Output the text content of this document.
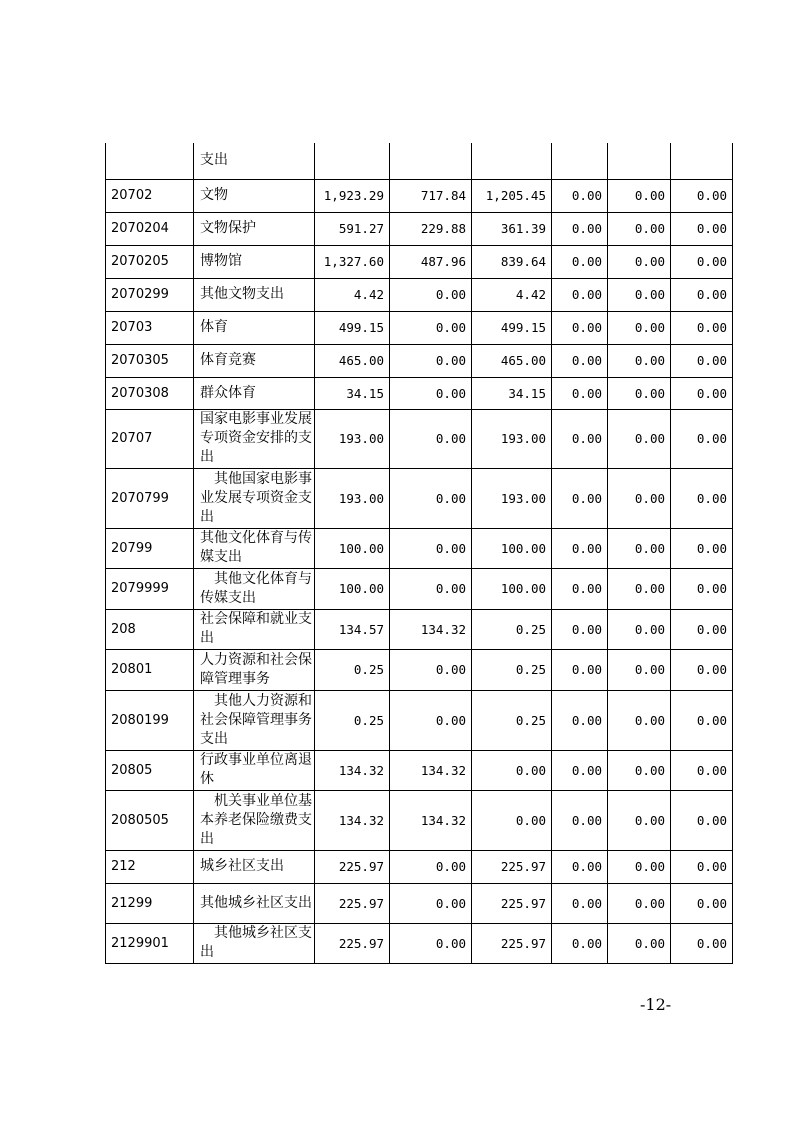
	支出						
20702	文物	1,923.29	717.84	1,205.45	0.00	0.00	0.00
2070204	文物保护	591.27	229.88	361.39	0.00	0.00	0.00
2070205	博物馆	1,327.60	487.96	839.64	0.00	0.00	0.00
2070299	其他文物支出	4.42	0.00	4.42	0.00	0.00	0.00
20703	体育	499.15	0.00	499.15	0.00	0.00	0.00
2070305	体育竞赛	465.00	0.00	465.00	0.00	0.00	0.00
2070308	群众体育	34.15	0.00	34.15	0.00	0.00	0.00
20707	国家电影事业发展专项资金安排的支出	193.00	0.00	193.00	0.00	0.00	0.00
2070799	其他国家电影事业发展专项资金支出	193.00	0.00	193.00	0.00	0.00	0.00
20799	其他文化体育与传媒支出	100.00	0.00	100.00	0.00	0.00	0.00
2079999	其他文化体育与传媒支出	100.00	0.00	100.00	0.00	0.00	0.00
208	社会保障和就业支出	134.57	134.32	0.25	0.00	0.00	0.00
20801	人力资源和社会保障管理事务	0.25	0.00	0.25	0.00	0.00	0.00
2080199	其他人力资源和社会保障管理事务支出	0.25	0.00	0.25	0.00	0.00	0.00
20805	行政事业单位离退休	134.32	134.32	0.00	0.00	0.00	0.00
2080505	机关事业单位基本养老保险缴费支出	134.32	134.32	0.00	0.00	0.00	0.00
212	城乡社区支出	225.97	0.00	225.97	0.00	0.00	0.00
21299	其他城乡社区支出	225.97	0.00	225.97	0.00	0.00	0.00
2129901	其他城乡社区支出	225.97	0.00	225.97	0.00	0.00	0.00
-12-
